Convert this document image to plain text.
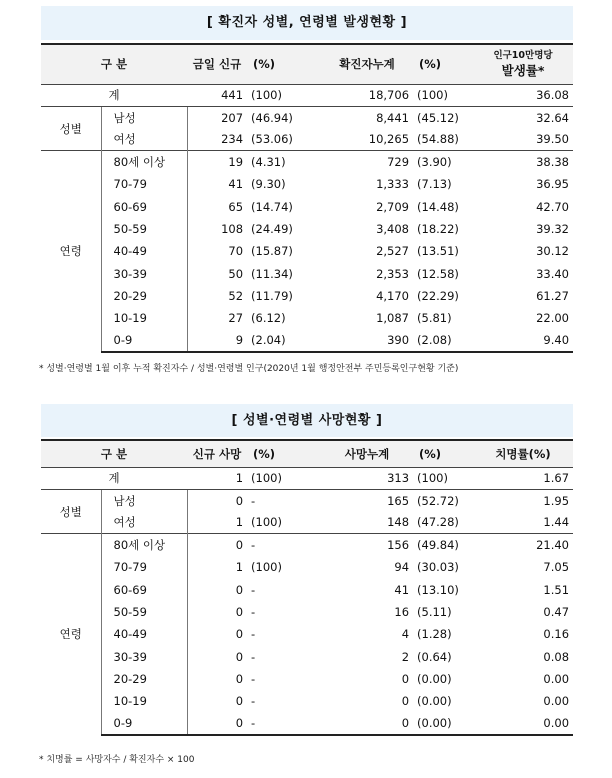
[ 확진자 성별, 연령별 발생현황 ]
구 분		금일 신규	(%)	확진자누계	(%)	인구10만명당
발생률*
계		441	(100)	18,706	(100)	36.08
성별	남성	207	(46.94)	8,441	(45.12)	32.64
	여성	234	(53.06)	10,265	(54.88)	39.50
연령	80세 이상	19	(4.31)	729	(3.90)	38.38
	70-79	41	(9.30)	1,333	(7.13)	36.95
	60-69	65	(14.74)	2,709	(14.48)	42.70
	50-59	108	(24.49)	3,408	(18.22)	39.32
	40-49	70	(15.87)	2,527	(13.51)	30.12
	30-39	50	(11.34)	2,353	(12.58)	33.40
	20-29	52	(11.79)	4,170	(22.29)	61.27
	10-19	27	(6.12)	1,087	(5.81)	22.00
	0-9	9	(2.04)	390	(2.08)	9.40
* 성별·연령별 1월 이후 누적 확진자수 / 성별·연령별 인구(2020년 1월 행정안전부 주민등록인구현황 기준)
[ 성별·연령별 사망현황 ]
구 분		신규 사망	(%)	사망누계	(%)	치명률(%)
계		1	(100)	313	(100)	1.67
성별	남성	0	-	165	(52.72)	1.95
	여성	1	(100)	148	(47.28)	1.44
연령	80세 이상	0	-	156	(49.84)	21.40
	70-79	1	(100)	94	(30.03)	7.05
	60-69	0	-	41	(13.10)	1.51
	50-59	0	-	16	(5.11)	0.47
	40-49	0	-	4	(1.28)	0.16
	30-39	0	-	2	(0.64)	0.08
	20-29	0	-	0	(0.00)	0.00
	10-19	0	-	0	(0.00)	0.00
	0-9	0	-	0	(0.00)	0.00
* 치명률 = 사망자수 / 확진자수 × 100
